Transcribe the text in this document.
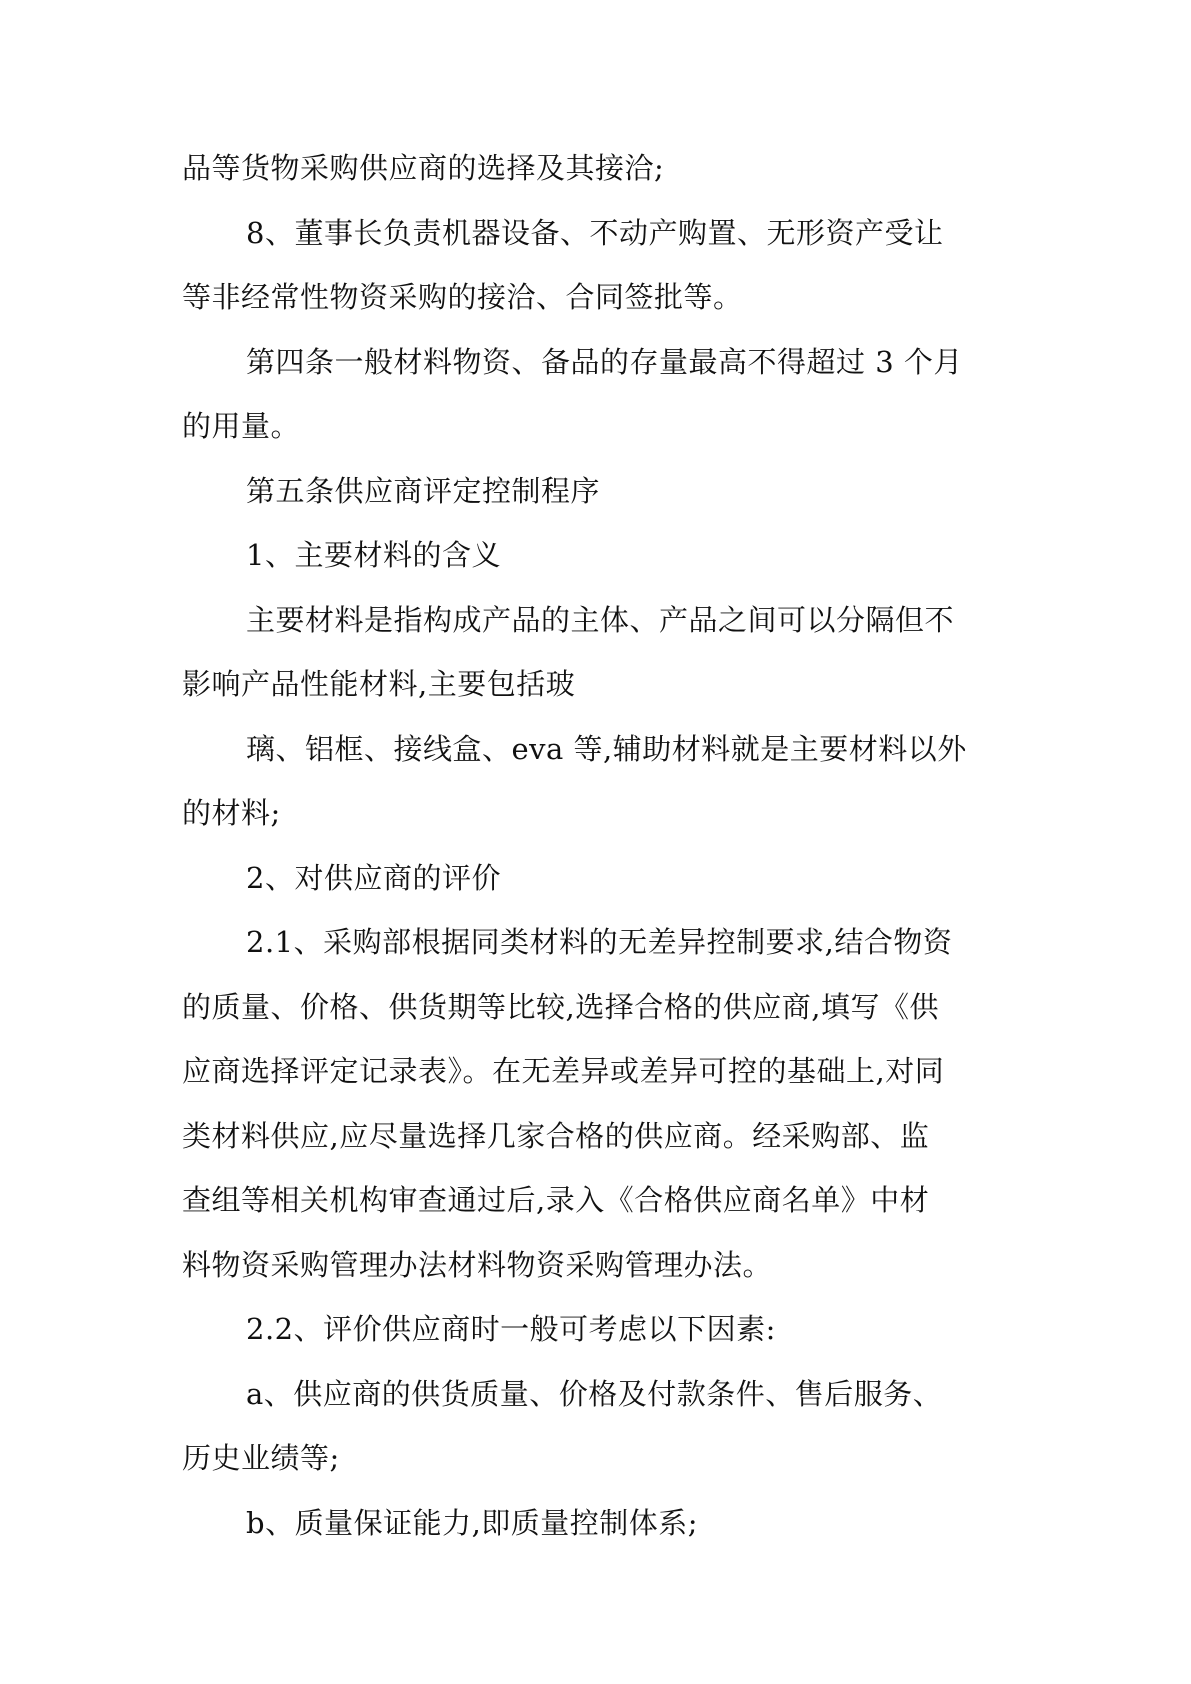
品等货物采购供应商的选择及其接洽;
8、董事长负责机器设备、不动产购置、无形资产受让
等非经常性物资采购的接洽、合同签批等。
第四条一般材料物资、备品的存量最高不得超过 3 个月
的用量。
第五条供应商评定控制程序
1、主要材料的含义
主要材料是指构成产品的主体、产品之间可以分隔但不
影响产品性能材料,主要包括玻
璃、铝框、接线盒、eva 等,辅助材料就是主要材料以外
的材料;
2、对供应商的评价
2.1、采购部根据同类材料的无差异控制要求,结合物资
的质量、价格、供货期等比较,选择合格的供应商,填写《供
应商选择评定记录表》。在无差异或差异可控的基础上,对同
类材料供应,应尽量选择几家合格的供应商。经采购部、监
查组等相关机构审查通过后,录入《合格供应商名单》中材
料物资采购管理办法材料物资采购管理办法。
2.2、评价供应商时一般可考虑以下因素:
a、供应商的供货质量、价格及付款条件、售后服务、
历史业绩等;
b、质量保证能力,即质量控制体系;
